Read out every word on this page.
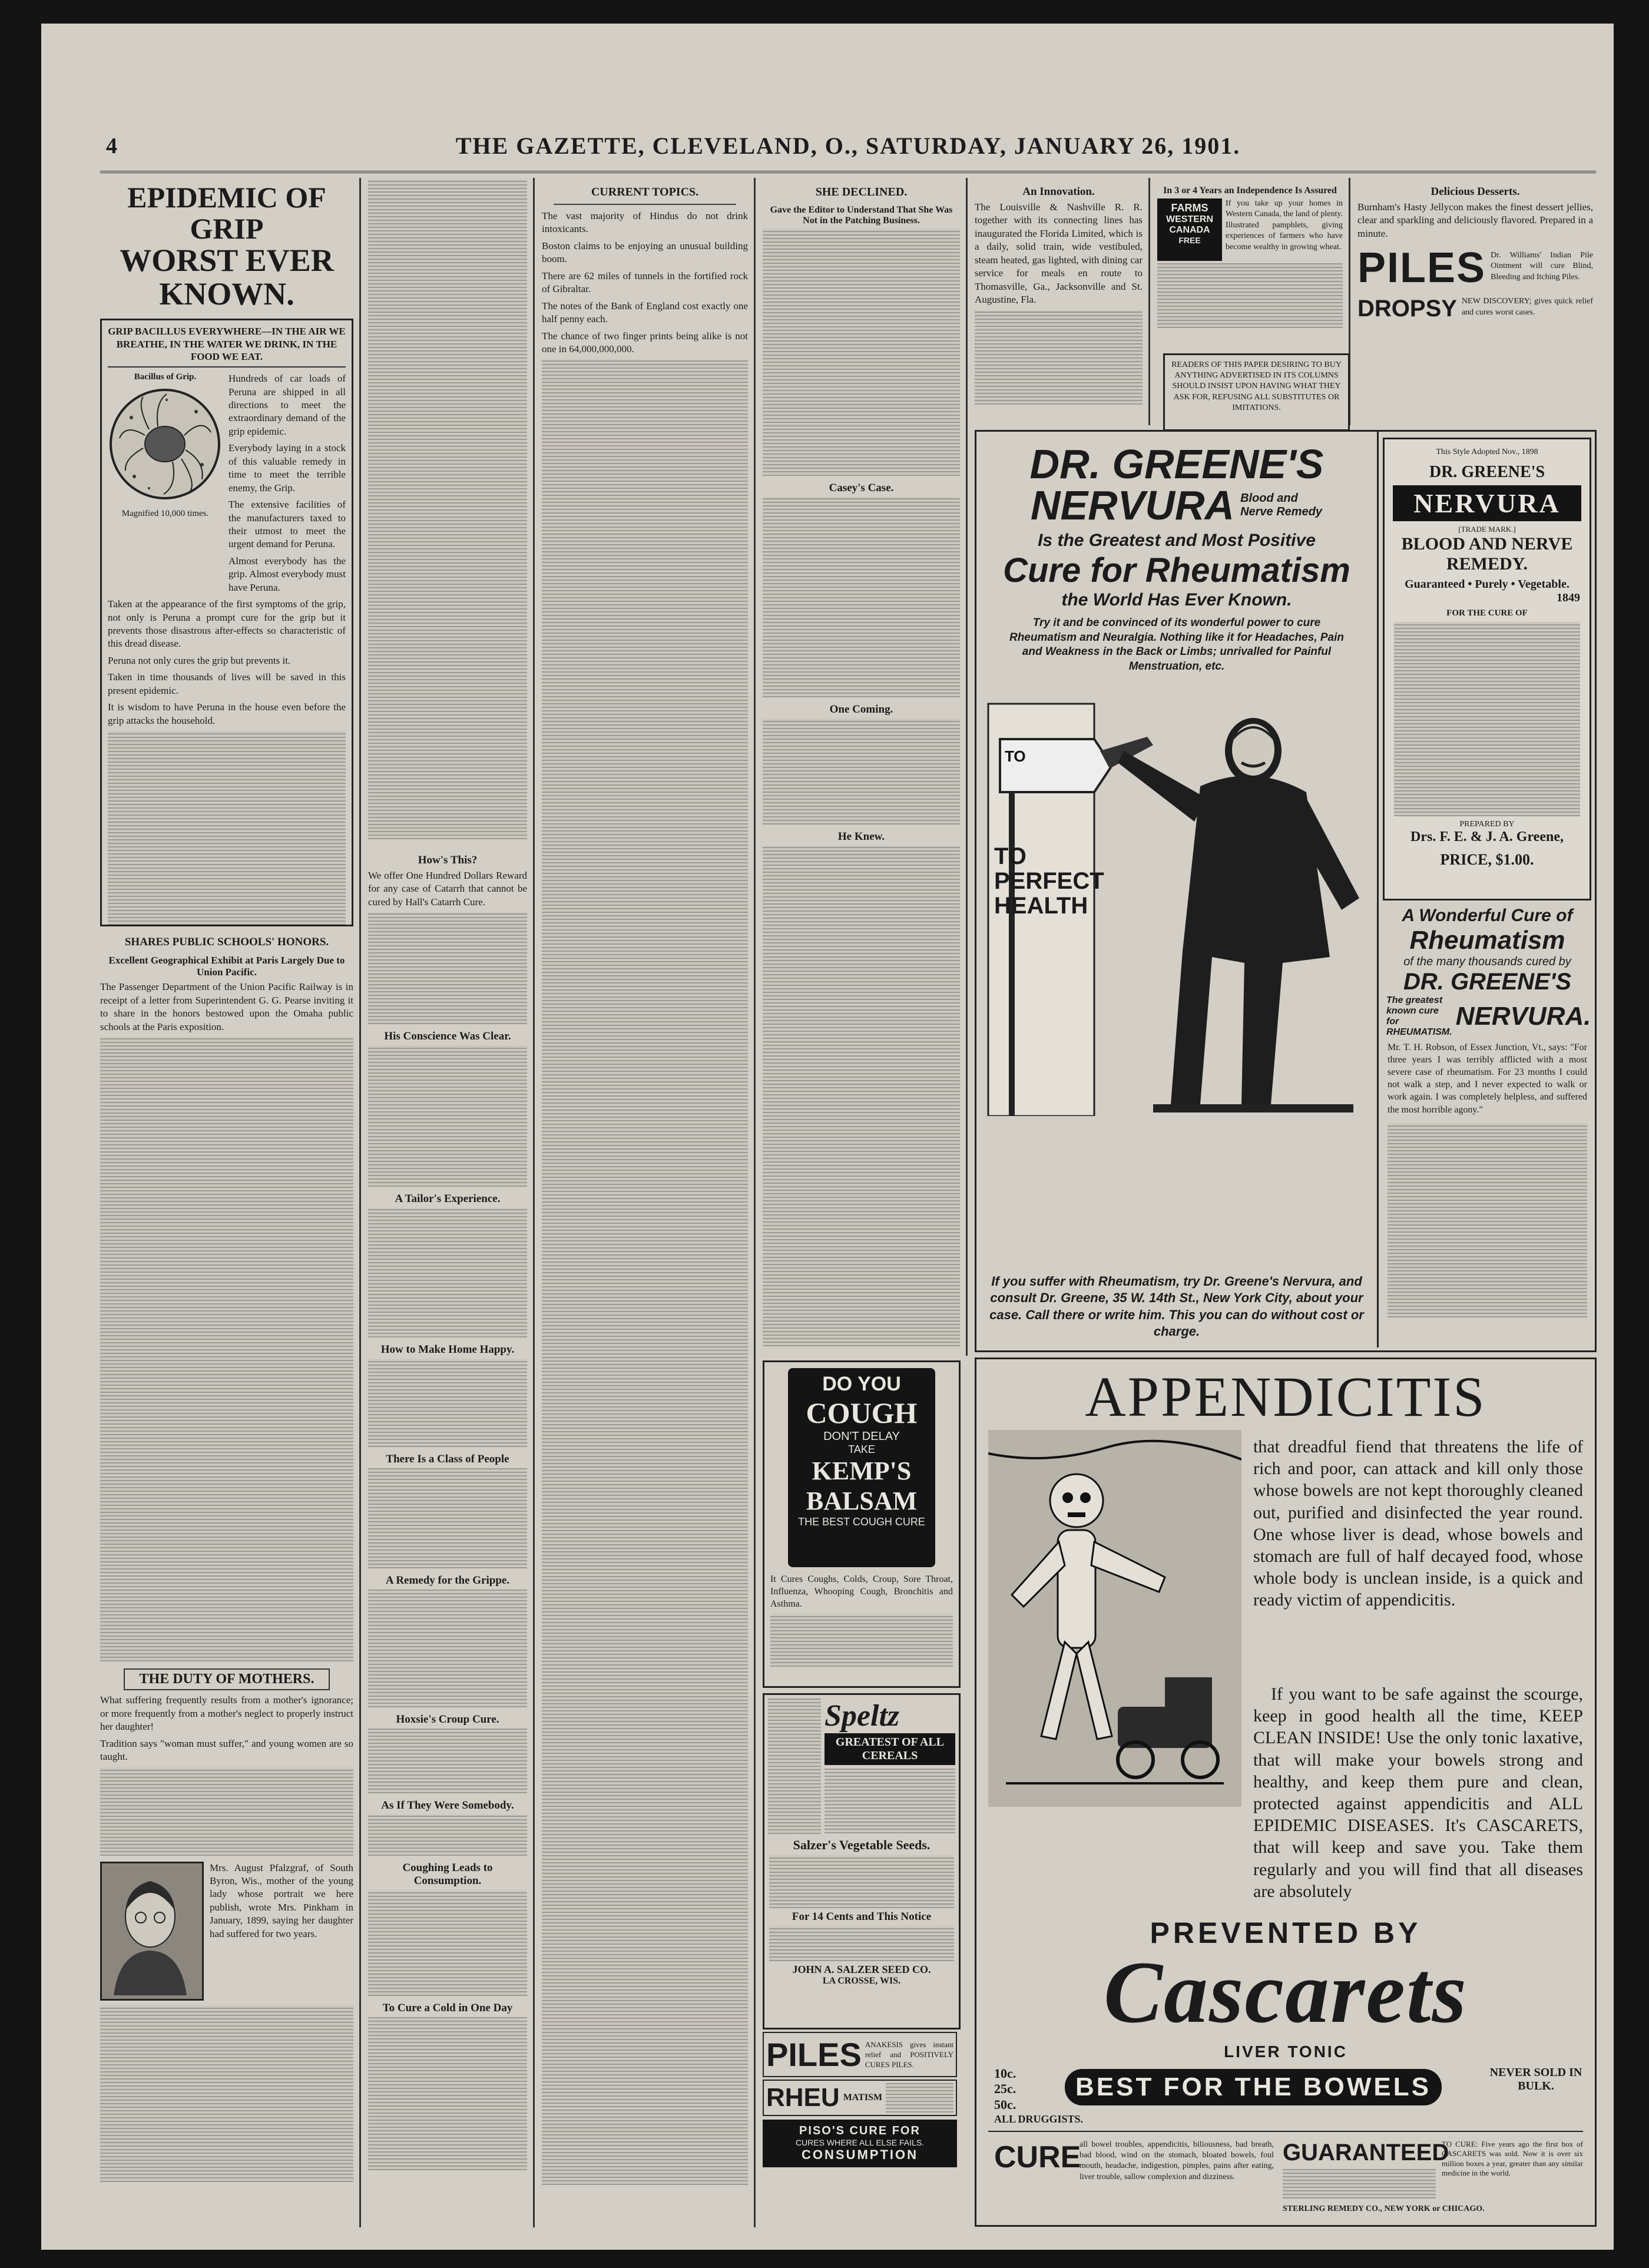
4	THE GAZETTE, CLEVELAND, O., SATURDAY, JANUARY 26, 1901.
EPIDEMIC OF GRIP
WORST EVER KNOWN.
GRIP BACILLUS EVERYWHERE—IN THE AIR WE BREATHE, IN THE WATER WE DRINK, IN THE FOOD WE EAT.
Bacillus of Grip.
Magnified 10,000 times.

Hundreds of car loads of Peruna are shipped in all directions to meet the extraordinary demand of the grip epidemic.

Everybody laying in a stock of this valuable remedy in time to meet the terrible enemy, the Grip.

The extensive facilities of the manufacturers taxed to their utmost to meet the urgent demand for Peruna.

Almost everybody has the grip. Almost everybody must have Peruna.

Taken at the appearance of the first symptoms of the grip, not only is Peruna a prompt cure for the grip but it prevents those disastrous after-effects so characteristic of this dread disease.

Peruna not only cures the grip but prevents it.

Taken in time thousands of lives will be saved in this present epidemic.

It is wisdom to have Peruna in the house even before the grip attacks the household.

SHARES PUBLIC SCHOOLS' HONORS.
Excellent Geographical Exhibit at Paris Largely Due to Union Pacific.

The Passenger Department of the Union Pacific Railway is in receipt of a letter from Superintendent G. G. Pearse inviting it to share in the honors bestowed upon the Omaha public schools at the Paris exposition.

THE DUTY OF MOTHERS.

What suffering frequently results from a mother's ignorance; or more frequently from a mother's neglect to properly instruct her daughter!

Tradition says "woman must suffer," and young women are so taught.

Mrs. August Pfalzgraf, of South Byron, Wis., mother of the young lady whose portrait we here publish, wrote Mrs. Pinkham in January, 1899, saying her daughter had suffered for two years.

How's This?

We offer One Hundred Dollars Reward for any case of Catarrh that cannot be cured by Hall's Catarrh Cure.

His Conscience Was Clear.
A Tailor's Experience.
How to Make Home Happy.
There Is a Class of People
A Remedy for the Grippe.
Hoxsie's Croup Cure.
As If They Were Somebody.
Coughing Leads to Consumption.
To Cure a Cold in One Day
CURRENT TOPICS.

The vast majority of Hindus do not drink intoxicants.

Boston claims to be enjoying an unusual building boom.

There are 62 miles of tunnels in the fortified rock of Gibraltar.

The notes of the Bank of England cost exactly one half penny each.

The chance of two finger prints being alike is not one in 64,000,000,000.

SHE DECLINED.
Gave the Editor to Understand That She Was Not in the Patching Business.
Casey's Case.
One Coming.
He Knew.
An Innovation.

The Louisville & Nashville R. R. together with its connecting lines has inaugurated the Florida Limited, which is a daily, solid train, wide vestibuled, steam heated, gas lighted, with dining car service for meals en route to Thomasville, Ga., Jacksonville and St. Augustine, Fla.

In 3 or 4 Years an Independence Is Assured
FARMS
WESTERN
CANADA
FREE

If you take up your homes in Western Canada, the land of plenty. Illustrated pamphlets, giving experiences of farmers who have become wealthy in growing wheat.

READERS OF THIS PAPER DESIRING TO BUY ANYTHING ADVERTISED IN ITS COLUMNS SHOULD INSIST UPON HAVING WHAT THEY ASK FOR, REFUSING ALL SUBSTITUTES OR IMITATIONS.
Delicious Desserts.

Burnham's Hasty Jellycon makes the finest dessert jellies, clear and sparkling and deliciously flavored. Prepared in a minute.

PILES Dr. Williams' Indian Pile Ointment will cure Blind, Bleeding and Itching Piles.

DROPSY NEW DISCOVERY; gives quick relief and cures worst cases.

DR. GREENE'S
NERVURA Blood and Nerve Remedy
Is the Greatest and Most Positive
Cure for Rheumatism
the World Has Ever Known.
Try it and be convinced of its wonderful power to cure Rheumatism and Neuralgia. Nothing like it for Headaches, Pain and Weakness in the Back or Limbs; unrivalled for Painful Menstruation, etc.
TO
TO PERFECT HEALTH
If you suffer with Rheumatism, try Dr. Greene's Nervura, and consult Dr. Greene, 35 W. 14th St., New York City, about your case. Call there or write him. This you can do without cost or charge.
This Style Adopted Nov., 1898
DR. GREENE'S
NERVURA
[TRADE MARK.]
BLOOD AND NERVE REMEDY.
Guaranteed • Purely • Vegetable.
1849
FOR THE CURE OF
PREPARED BY
Drs. F. E. & J. A. Greene,
PRICE, $1.00.
A Wonderful Cure of
Rheumatism
of the many thousands cured by
DR. GREENE'S
The greatest known cure for RHEUMATISM.
NERVURA.

Mr. T. H. Robson, of Essex Junction, Vt., says: "For three years I was terribly afflicted with a most severe case of rheumatism. For 23 months I could not walk a step, and I never expected to walk or work again. I was completely helpless, and suffered the most horrible agony."

DO YOU
COUGH
DON'T DELAY
TAKE
KEMP'S
BALSAM
THE BEST COUGH CURE

It Cures Coughs, Colds, Croup, Sore Throat, Influenza, Whooping Cough, Bronchitis and Asthma.

Speltz
GREATEST OF ALL CEREALS
Salzer's Vegetable Seeds.
For 14 Cents and This Notice
JOHN A. SALZER SEED CO.
LA CROSSE, WIS.
PILES ANAKESIS gives instant relief and POSITIVELY CURES PILES.

RHEU MATISM
PISO'S CURE FOR
CURES WHERE ALL ELSE FAILS.
CONSUMPTION
APPENDICITIS
that dreadful fiend that threatens the life of rich and poor, can attack and kill only those whose bowels are not kept thoroughly cleaned out, purified and disinfected the year round. One whose liver is dead, whose bowels and stomach are full of half decayed food, whose whole body is unclean inside, is a quick and ready victim of appendicitis.
If you want to be safe against the scourge, keep in good health all the time, KEEP CLEAN INSIDE! Use the only tonic laxative, that will make your bowels strong and healthy, and keep them pure and clean, protected against appendicitis and ALL EPIDEMIC DISEASES. It's CASCARETS, that will keep and save you. Take them regularly and you will find that all diseases are absolutely
PREVENTED BY
Cascarets
LIVER TONIC
10c. 25c. 50c.
BEST FOR THE BOWELS	NEVER SOLD IN BULK.
ALL DRUGGISTS.
CURE
all bowel troubles, appendicitis, biliousness, bad breath, bad blood, wind on the stomach, bloated bowels, foul mouth, headache, indigestion, pimples, pains after eating, liver trouble, sallow complexion and dizziness.
GUARANTEED
TO CURE: Five years ago the first box of CASCARETS was sold. Now it is over six million boxes a year, greater than any similar medicine in the world.
STERLING REMEDY CO., NEW YORK or CHICAGO.
